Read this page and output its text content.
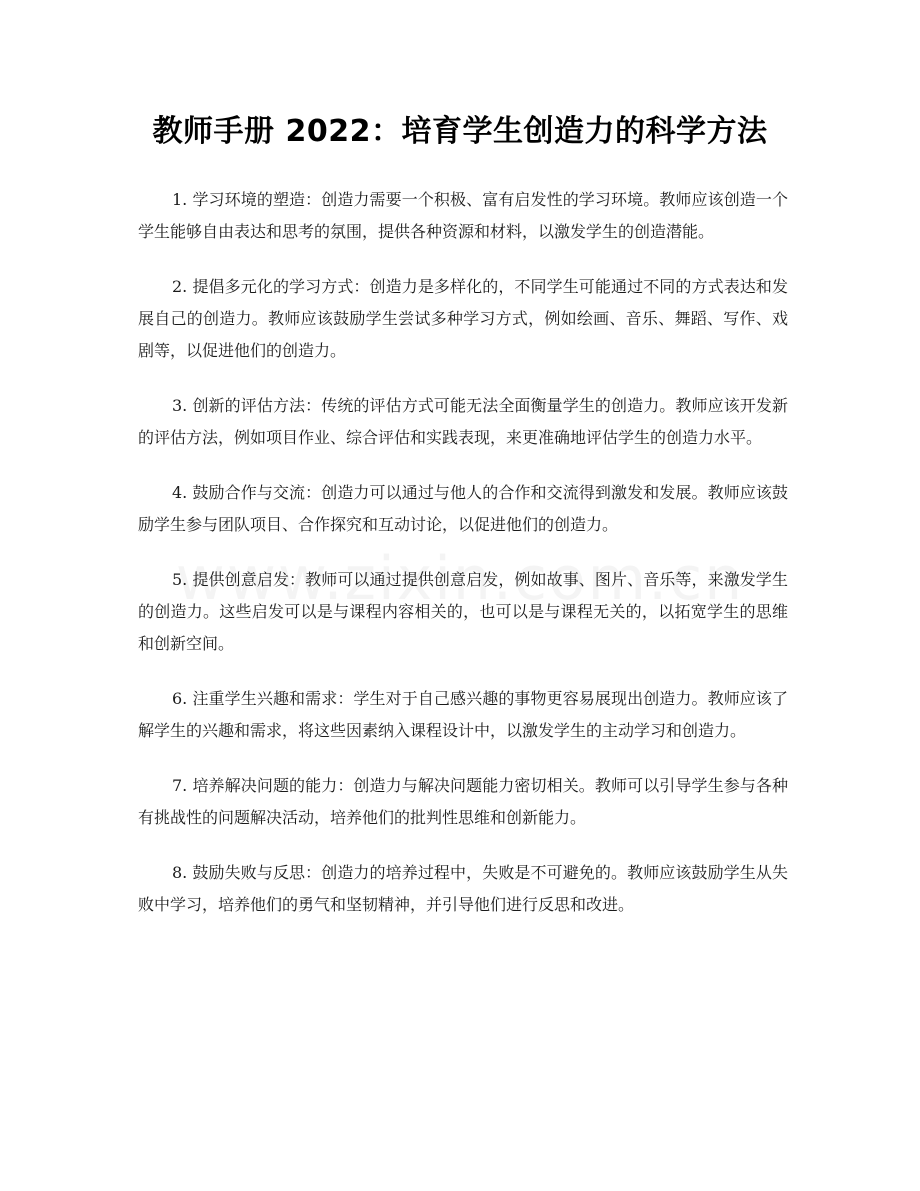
教师手册 2022：培育学生创造力的科学方法

1. 学习环境的塑造：创造力需要一个积极、富有启发性的学习环境。教师应该创造一个学生能够自由表达和思考的氛围，提供各种资源和材料，以激发学生的创造潜能。

2. 提倡多元化的学习方式：创造力是多样化的，不同学生可能通过不同的方式表达和发展自己的创造力。教师应该鼓励学生尝试多种学习方式，例如绘画、音乐、舞蹈、写作、戏剧等，以促进他们的创造力。

3. 创新的评估方法：传统的评估方式可能无法全面衡量学生的创造力。教师应该开发新的评估方法，例如项目作业、综合评估和实践表现，来更准确地评估学生的创造力水平。

4. 鼓励合作与交流：创造力可以通过与他人的合作和交流得到激发和发展。教师应该鼓励学生参与团队项目、合作探究和互动讨论，以促进他们的创造力。

5. 提供创意启发：教师可以通过提供创意启发，例如故事、图片、音乐等，来激发学生的创造力。这些启发可以是与课程内容相关的，也可以是与课程无关的，以拓宽学生的思维和创新空间。

6. 注重学生兴趣和需求：学生对于自己感兴趣的事物更容易展现出创造力。教师应该了解学生的兴趣和需求，将这些因素纳入课程设计中，以激发学生的主动学习和创造力。

7. 培养解决问题的能力：创造力与解决问题能力密切相关。教师可以引导学生参与各种有挑战性的问题解决活动，培养他们的批判性思维和创新能力。

8. 鼓励失败与反思：创造力的培养过程中，失败是不可避免的。教师应该鼓励学生从失败中学习，培养他们的勇气和坚韧精神，并引导他们进行反思和改进。
